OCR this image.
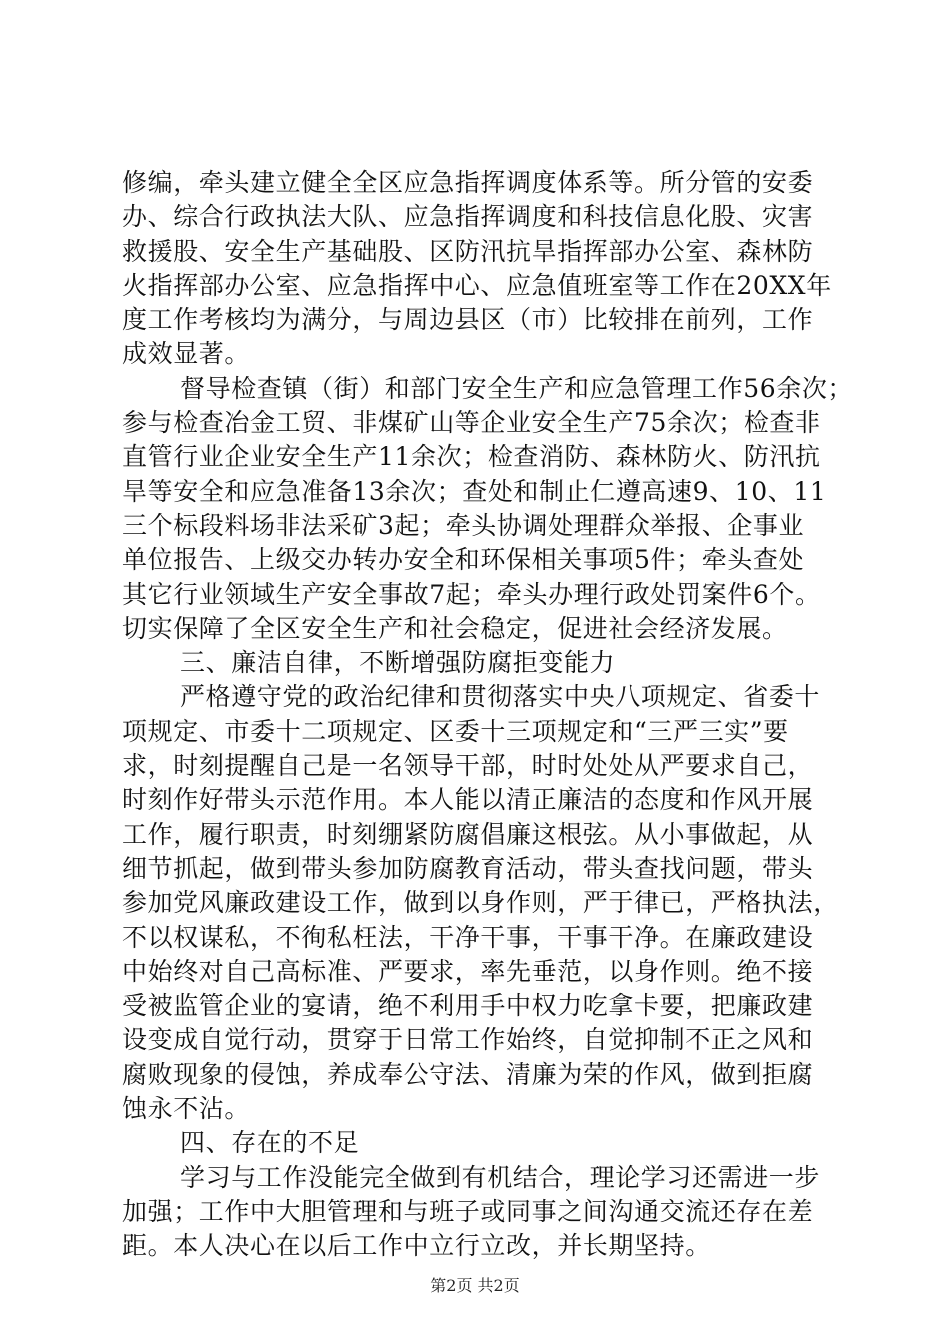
修编，牵头建立健全全区应急指挥调度体系等。所分管的安委
办、综合行政执法大队、应急指挥调度和科技信息化股、灾害
救援股、安全生产基础股、区防汛抗旱指挥部办公室、森林防
火指挥部办公室、应急指挥中心、应急值班室等工作在20XX年
度工作考核均为满分，与周边县区（市）比较排在前列，工作
成效显著。
督导检查镇（街）和部门安全生产和应急管理工作56余次；
参与检查冶金工贸、非煤矿山等企业安全生产75余次；检查非
直管行业企业安全生产11余次；检查消防、森林防火、防汛抗
旱等安全和应急准备13余次；查处和制止仁遵高速9、10、11
三个标段料场非法采矿3起；牵头协调处理群众举报、企事业
单位报告、上级交办转办安全和环保相关事项5件；牵头查处
其它行业领域生产安全事故7起；牵头办理行政处罚案件6个。
切实保障了全区安全生产和社会稳定，促进社会经济发展。
三、廉洁自律，不断增强防腐拒变能力
严格遵守党的政治纪律和贯彻落实中央八项规定、省委十
项规定、市委十二项规定、区委十三项规定和“三严三实”要
求，时刻提醒自己是一名领导干部，时时处处从严要求自己，
时刻作好带头示范作用。本人能以清正廉洁的态度和作风开展
工作，履行职责，时刻绷紧防腐倡廉这根弦。从小事做起，从
细节抓起，做到带头参加防腐教育活动，带头查找问题，带头
参加党风廉政建设工作，做到以身作则，严于律已，严格执法，
不以权谋私，不徇私枉法，干净干事，干事干净。在廉政建设
中始终对自己高标准、严要求，率先垂范，以身作则。绝不接
受被监管企业的宴请，绝不利用手中权力吃拿卡要，把廉政建
设变成自觉行动，贯穿于日常工作始终，自觉抑制不正之风和
腐败现象的侵蚀，养成奉公守法、清廉为荣的作风，做到拒腐
蚀永不沾。
四、存在的不足
学习与工作没能完全做到有机结合，理论学习还需进一步
加强；工作中大胆管理和与班子或同事之间沟通交流还存在差
距。本人决心在以后工作中立行立改，并长期坚持。
第2页 共2页
